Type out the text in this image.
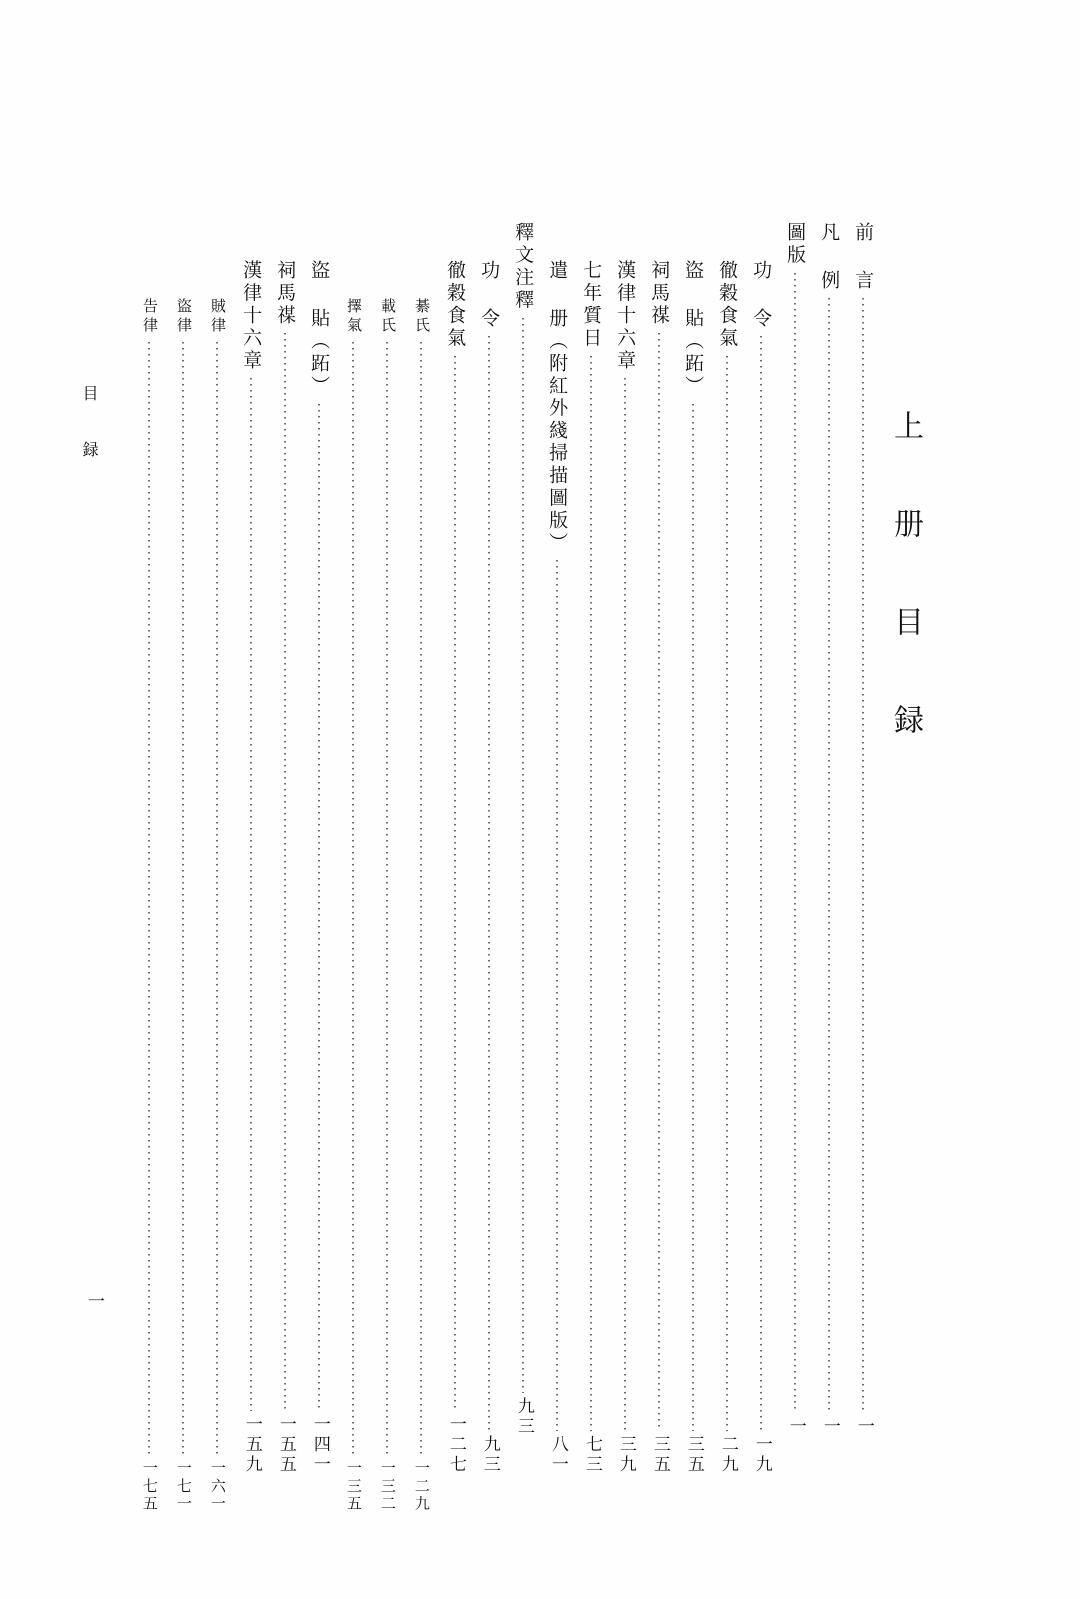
上 册 目 録
目 録
一
前 言
一
凡 例
一
圖版
一
功 令
一九
徹穀食氣
二九
盜 貼（跖）
三五
祠馬禖
三五
漢律十六章
三九
七年質日
七三
遣 册（附紅外綫掃描圖版）
八一
釋文注釋
九三
功 令
九三
徹穀食氣
一二七
綦氏
一二九
載氏
一三二
擇氣
一三五
盜 貼（跖）
一四一
祠馬禖
一五五
漢律十六章
一五九
賊律
一六一
盜律
一七一
告律
一七五
